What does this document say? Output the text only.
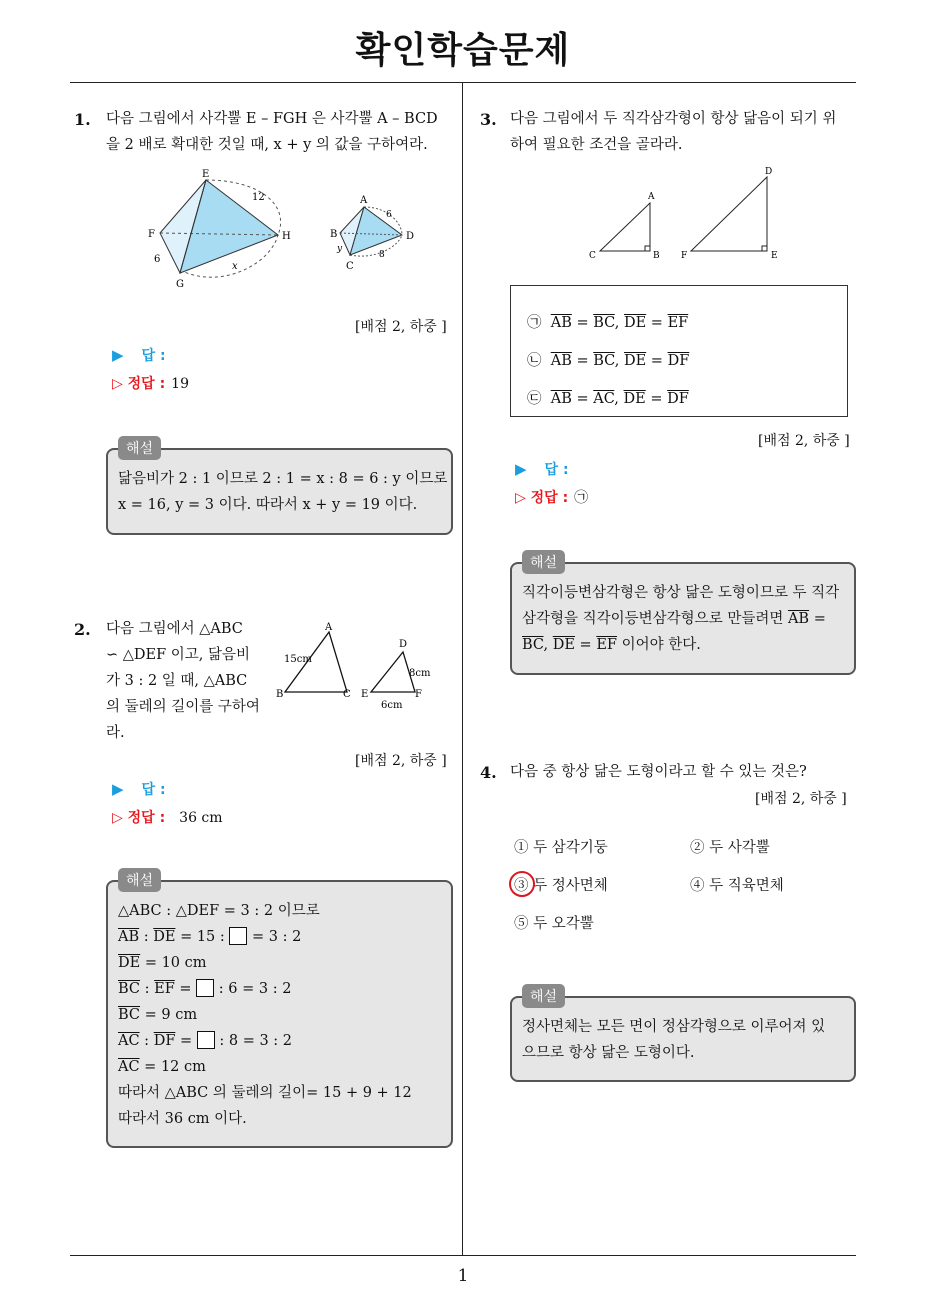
확인학습문제
1. 다음 그림에서 사각뿔 E – FGH 은 사각뿔 A – BCD
을 2 배로 확대한 것일 때, x + y 의 값을 구하여라.
E
F
G
H
12
6
x
A
B
C
D
6
8
y
[배점 2, 하중 ]
▶ 답 :
▷ 정답 : 19
해설
닮음비가 2 : 1 이므로 2 : 1 = x : 8 = 6 : y 이므로
x = 16, y = 3 이다. 따라서 x + y = 19 이다.
2. 다음 그림에서 △ABC
∽ △DEF 이고, 닮음비
가 3 : 2 일 때, △ABC
의 둘레의 길이를 구하여
라.
A
B	C
15cm
D
E	F
8cm
6cm
[배점 2, 하중 ]
▶ 답 :
▷ 정답 : 36 cm
해설
△ABC : △DEF = 3 : 2 이므로
$\overline{AB}$ : $\overline{DE} = 15$ :  = 3 : 2
$\overline{DE} = 10$ cm
$\overline{BC}$ : $\overline{EF}$ =  : 6 = 3 : 2
$\overline{BC} = 9$ cm
$\overline{AC}$ : $\overline{DF}$ =  : 8 = 3 : 2
$\overline{AC} = 12$ cm
따라서 △ABC 의 둘레의 길이= 15 + 9 + 12
따라서 36 cm 이다.
3. 다음 그림에서 두 직각삼각형이 항상 닮음이 되기 위
하여 필요한 조건을 골라라.
A
C	B
D
F	E
㉠ $\overline{AB} = \overline{BC}$, $\overline{DE} = \overline{EF}$
㉡ $\overline{AB} = \overline{BC}$, $\overline{DE} = \overline{DF}$
㉢ $\overline{AB} = \overline{AC}$, $\overline{DE} = \overline{DF}$
[배점 2, 하중 ]
▶ 답 :
▷ 정답 : ㉠
해설
직각이등변삼각형은 항상 닮은 도형이므로 두 직각
삼각형을 직각이등변삼각형으로 만들려면 $\overline{AB}$ =
$\overline{BC}$, $\overline{DE} = \overline{EF}$ 이어야 한다.
4. 다음 중 항상 닮은 도형이라고 할 수 있는 것은?
[배점 2, 하중 ]
① 두 삼각기둥	② 두 사각뿔
③ 두 정사면체	④ 두 직육면체
⑤ 두 오각뿔
해설
정사면체는 모든 면이 정삼각형으로 이루어져 있
으므로 항상 닮은 도형이다.
1
